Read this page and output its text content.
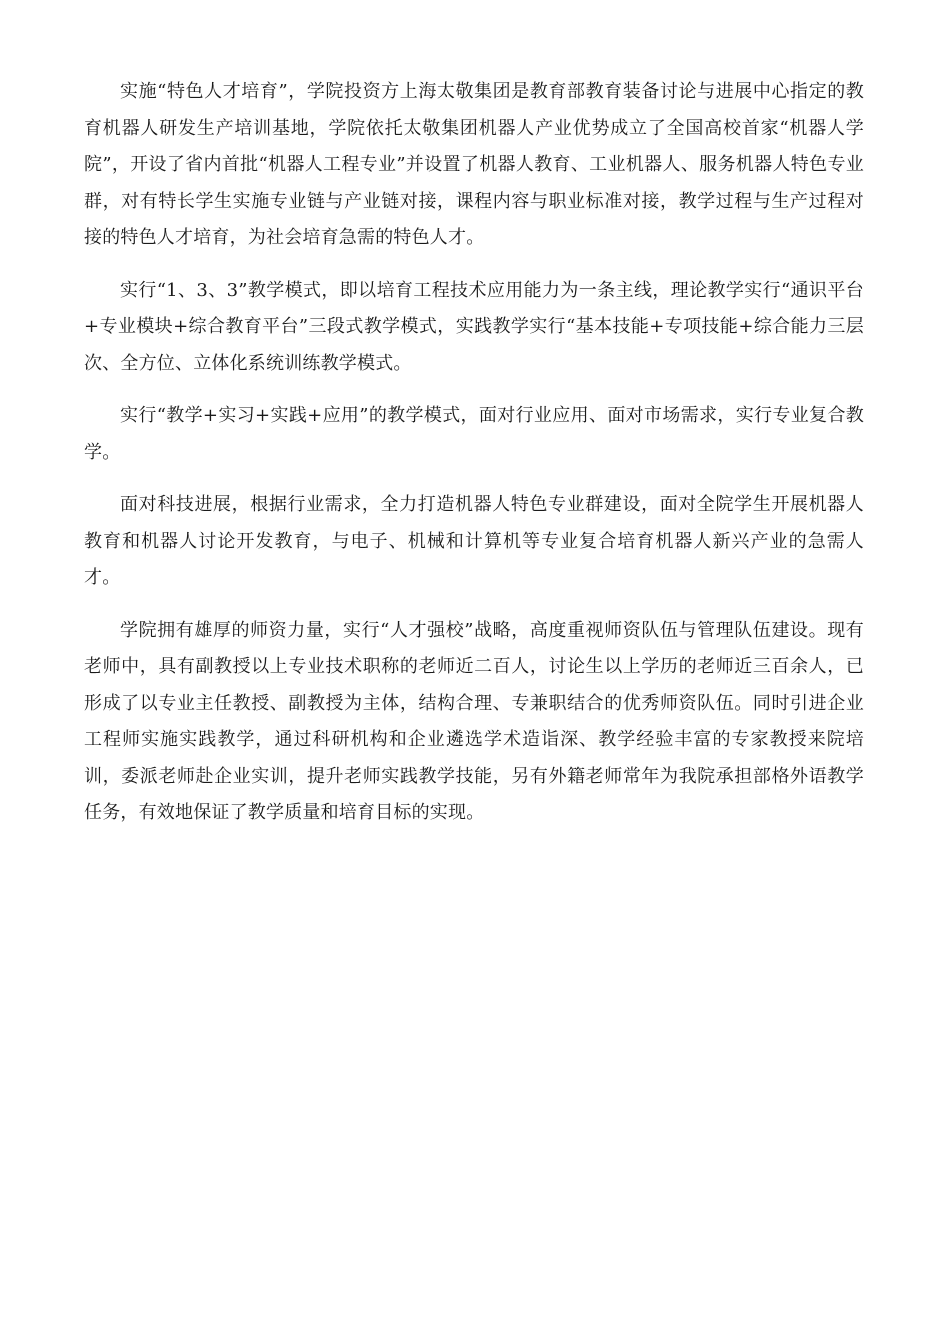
实施“特色人才培育”，学院投资方上海太敬集团是教育部教育装备讨论与进展中心指定的教育机器人研发生产培训基地，学院依托太敬集团机器人产业优势成立了全国高校首家“机器人学院”，开设了省内首批“机器人工程专业”并设置了机器人教育、工业机器人、服务机器人特色专业群，对有特长学生实施专业链与产业链对接，课程内容与职业标准对接，教学过程与生产过程对接的特色人才培育，为社会培育急需的特色人才。

实行“1、3、3”教学模式，即以培育工程技术应用能力为一条主线，理论教学实行“通识平台+专业模块+综合教育平台”三段式教学模式，实践教学实行“基本技能+专项技能+综合能力三层次、全方位、立体化系统训练教学模式。

实行“教学+实习+实践+应用”的教学模式，面对行业应用、面对市场需求，实行专业复合教学。

面对科技进展，根据行业需求，全力打造机器人特色专业群建设，面对全院学生开展机器人教育和机器人讨论开发教育，与电子、机械和计算机等专业复合培育机器人新兴产业的急需人才。

学院拥有雄厚的师资力量，实行“人才强校”战略，高度重视师资队伍与管理队伍建设。现有老师中，具有副教授以上专业技术职称的老师近二百人，讨论生以上学历的老师近三百余人，已形成了以专业主任教授、副教授为主体，结构合理、专兼职结合的优秀师资队伍。同时引进企业工程师实施实践教学，通过科研机构和企业遴选学术造诣深、教学经验丰富的专家教授来院培训，委派老师赴企业实训，提升老师实践教学技能，另有外籍老师常年为我院承担部格外语教学任务，有效地保证了教学质量和培育目标的实现。
